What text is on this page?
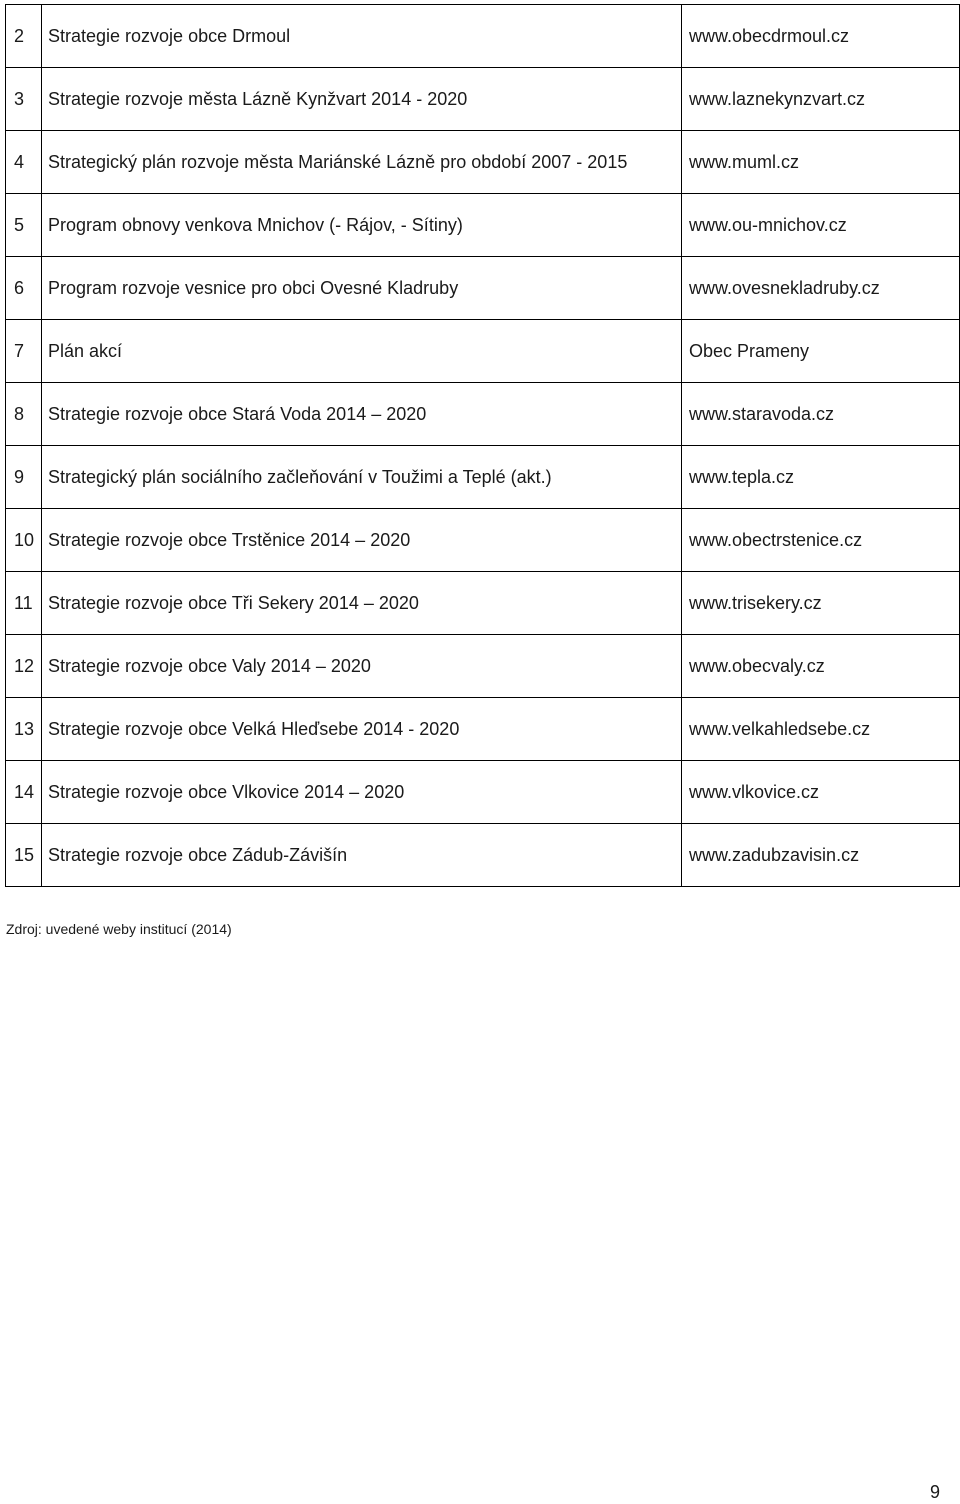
2	Strategie rozvoje obce Drmoul	www.obecdrmoul.cz
3	Strategie rozvoje města Lázně Kynžvart 2014 - 2020	www.laznekynzvart.cz
4	Strategický plán rozvoje města Mariánské Lázně pro období 2007 - 2015	www.muml.cz
5	Program obnovy venkova Mnichov (- Rájov, - Sítiny)	www.ou-mnichov.cz
6	Program rozvoje vesnice pro obci Ovesné Kladruby	www.ovesnekladruby.cz
7	Plán akcí	Obec Prameny
8	Strategie rozvoje obce Stará Voda 2014 – 2020	www.staravoda.cz
9	Strategický plán sociálního začleňování v Toužimi a Teplé (akt.)	www.tepla.cz
10	Strategie rozvoje obce Trstěnice 2014 – 2020	www.obectrstenice.cz
11	Strategie rozvoje obce Tři Sekery 2014 – 2020	www.trisekery.cz
12	Strategie rozvoje obce Valy 2014 – 2020	www.obecvaly.cz
13	Strategie rozvoje obce Velká Hleďsebe 2014 - 2020	www.velkahledsebe.cz
14	Strategie rozvoje obce Vlkovice 2014 – 2020	www.vlkovice.cz
15	Strategie rozvoje obce Zádub-Závišín	www.zadubzavisin.cz
Zdroj: uvedené weby institucí (2014)
9
